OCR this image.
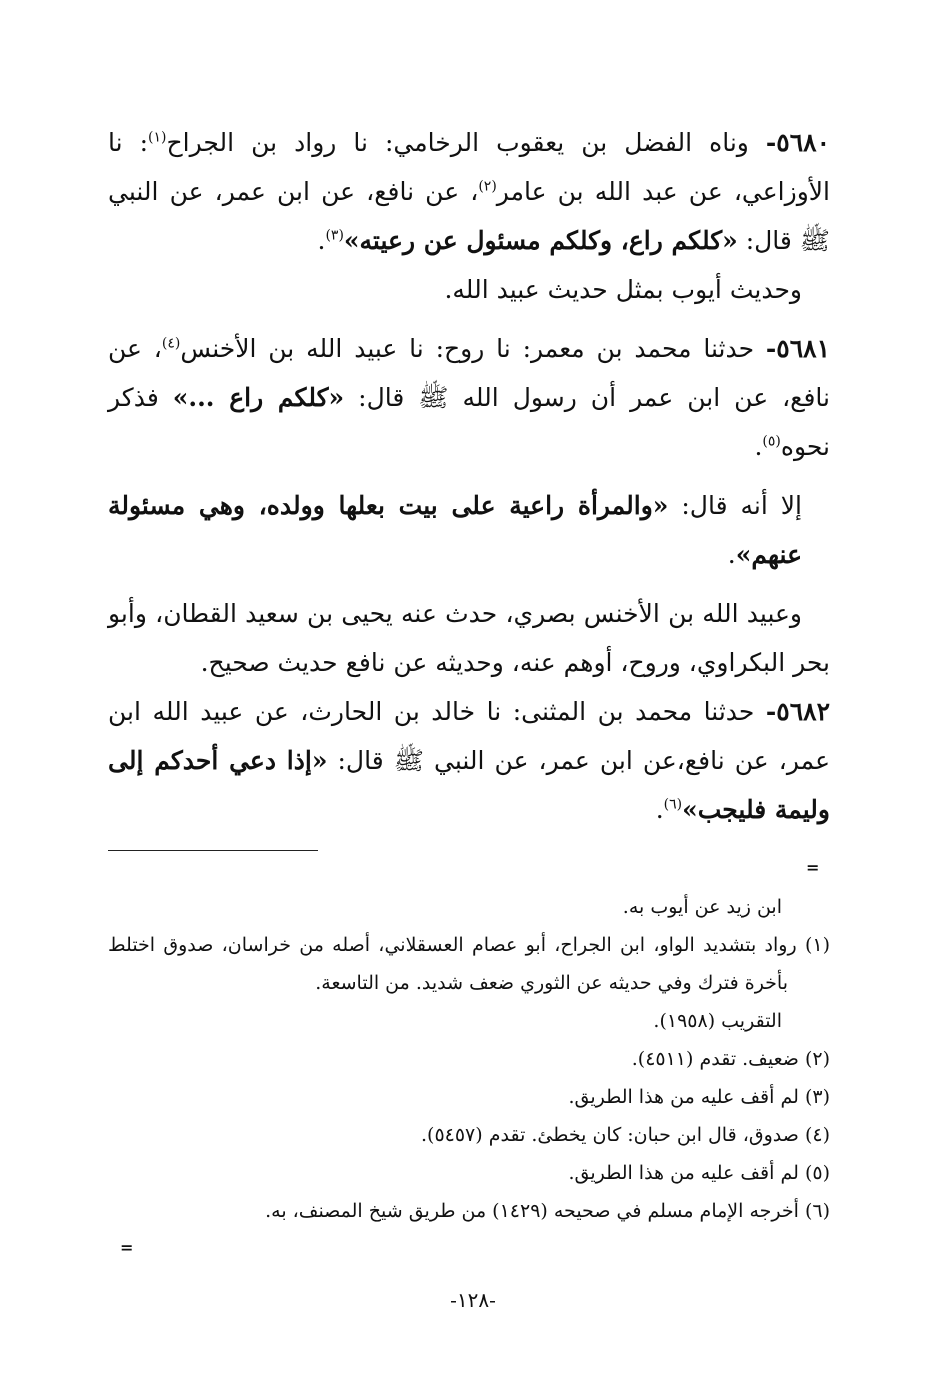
٥٦٨٠- وناه الفضل بن يعقوب الرخامي: نا رواد بن الجراح$^{(١)}$: نا الأوزاعي، عن عبد الله بن عامر$^{(٢)}$، عن نافع، عن ابن عمر، عن النبي ﷺ قال: «كلكم راع، وكلكم مسئول عن رعيته»$^{(٣)}$.

وحديث أيوب بمثل حديث عبيد الله.

٥٦٨١- حدثنا محمد بن معمر: نا روح: نا عبيد الله بن الأخنس$^{(٤)}$، عن نافع، عن ابن عمر أن رسول الله ﷺ قال: «كلكم راع ...» فذكر نحوه$^{(٥)}$.

إلا أنه قال: «والمرأة راعية على بيت بعلها وولده، وهي مسئولة عنهم».

وعبيد الله بن الأخنس بصري، حدث عنه يحيى بن سعيد القطان، وأبو بحر البكراوي، وروح، أوهم عنه، وحديثه عن نافع حديث صحيح.

٥٦٨٢- حدثنا محمد بن المثنى: نا خالد بن الحارث، عن عبيد الله ابن عمر، عن نافع،عن ابن عمر، عن النبي ﷺ قال: «إذا دعي أحدكم إلى وليمة فليجب»$^{(٦)}$.

=

ابن زيد عن أيوب به.

(١) رواد بتشديد الواو، ابن الجراح، أبو عصام العسقلاني، أصله من خراسان، صدوق اختلط بأخرة فترك وفي حديثه عن الثوري ضعف شديد. من التاسعة.

التقريب (١٩٥٨).

(٢) ضعيف. تقدم (٤٥١١).

(٣) لم أقف عليه من هذا الطريق.

(٤) صدوق، قال ابن حبان: كان يخطئ. تقدم (٥٤٥٧).

(٥) لم أقف عليه من هذا الطريق.

(٦) أخرجه الإمام مسلم في صحيحه (١٤٢٩) من طريق شيخ المصنف، به.

=
-١٢٨-
